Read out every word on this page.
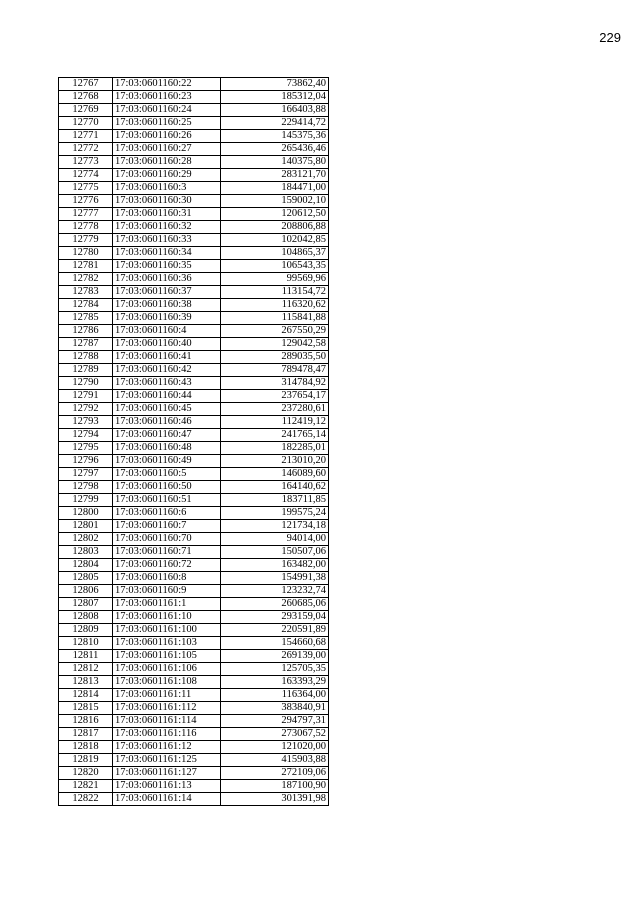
229
12767	17:03:0601160:22	73862,40
12768	17:03:0601160:23	185312,04
12769	17:03:0601160:24	166403,88
12770	17:03:0601160:25	229414,72
12771	17:03:0601160:26	145375,36
12772	17:03:0601160:27	265436,46
12773	17:03:0601160:28	140375,80
12774	17:03:0601160:29	283121,70
12775	17:03:0601160:3	184471,00
12776	17:03:0601160:30	159002,10
12777	17:03:0601160:31	120612,50
12778	17:03:0601160:32	208806,88
12779	17:03:0601160:33	102042,85
12780	17:03:0601160:34	104865,37
12781	17:03:0601160:35	106543,35
12782	17:03:0601160:36	99569,96
12783	17:03:0601160:37	113154,72
12784	17:03:0601160:38	116320,62
12785	17:03:0601160:39	115841,88
12786	17:03:0601160:4	267550,29
12787	17:03:0601160:40	129042,58
12788	17:03:0601160:41	289035,50
12789	17:03:0601160:42	789478,47
12790	17:03:0601160:43	314784,92
12791	17:03:0601160:44	237654,17
12792	17:03:0601160:45	237280,61
12793	17:03:0601160:46	112419,12
12794	17:03:0601160:47	241765,14
12795	17:03:0601160:48	182285,01
12796	17:03:0601160:49	213010,20
12797	17:03:0601160:5	146089,60
12798	17:03:0601160:50	164140,62
12799	17:03:0601160:51	183711,85
12800	17:03:0601160:6	199575,24
12801	17:03:0601160:7	121734,18
12802	17:03:0601160:70	94014,00
12803	17:03:0601160:71	150507,06
12804	17:03:0601160:72	163482,00
12805	17:03:0601160:8	154991,38
12806	17:03:0601160:9	123232,74
12807	17:03:0601161:1	260685,06
12808	17:03:0601161:10	293159,04
12809	17:03:0601161:100	220591,89
12810	17:03:0601161:103	154660,68
12811	17:03:0601161:105	269139,00
12812	17:03:0601161:106	125705,35
12813	17:03:0601161:108	163393,29
12814	17:03:0601161:11	116364,00
12815	17:03:0601161:112	383840,91
12816	17:03:0601161:114	294797,31
12817	17:03:0601161:116	273067,52
12818	17:03:0601161:12	121020,00
12819	17:03:0601161:125	415903,88
12820	17:03:0601161:127	272109,06
12821	17:03:0601161:13	187100,90
12822	17:03:0601161:14	301391,98
